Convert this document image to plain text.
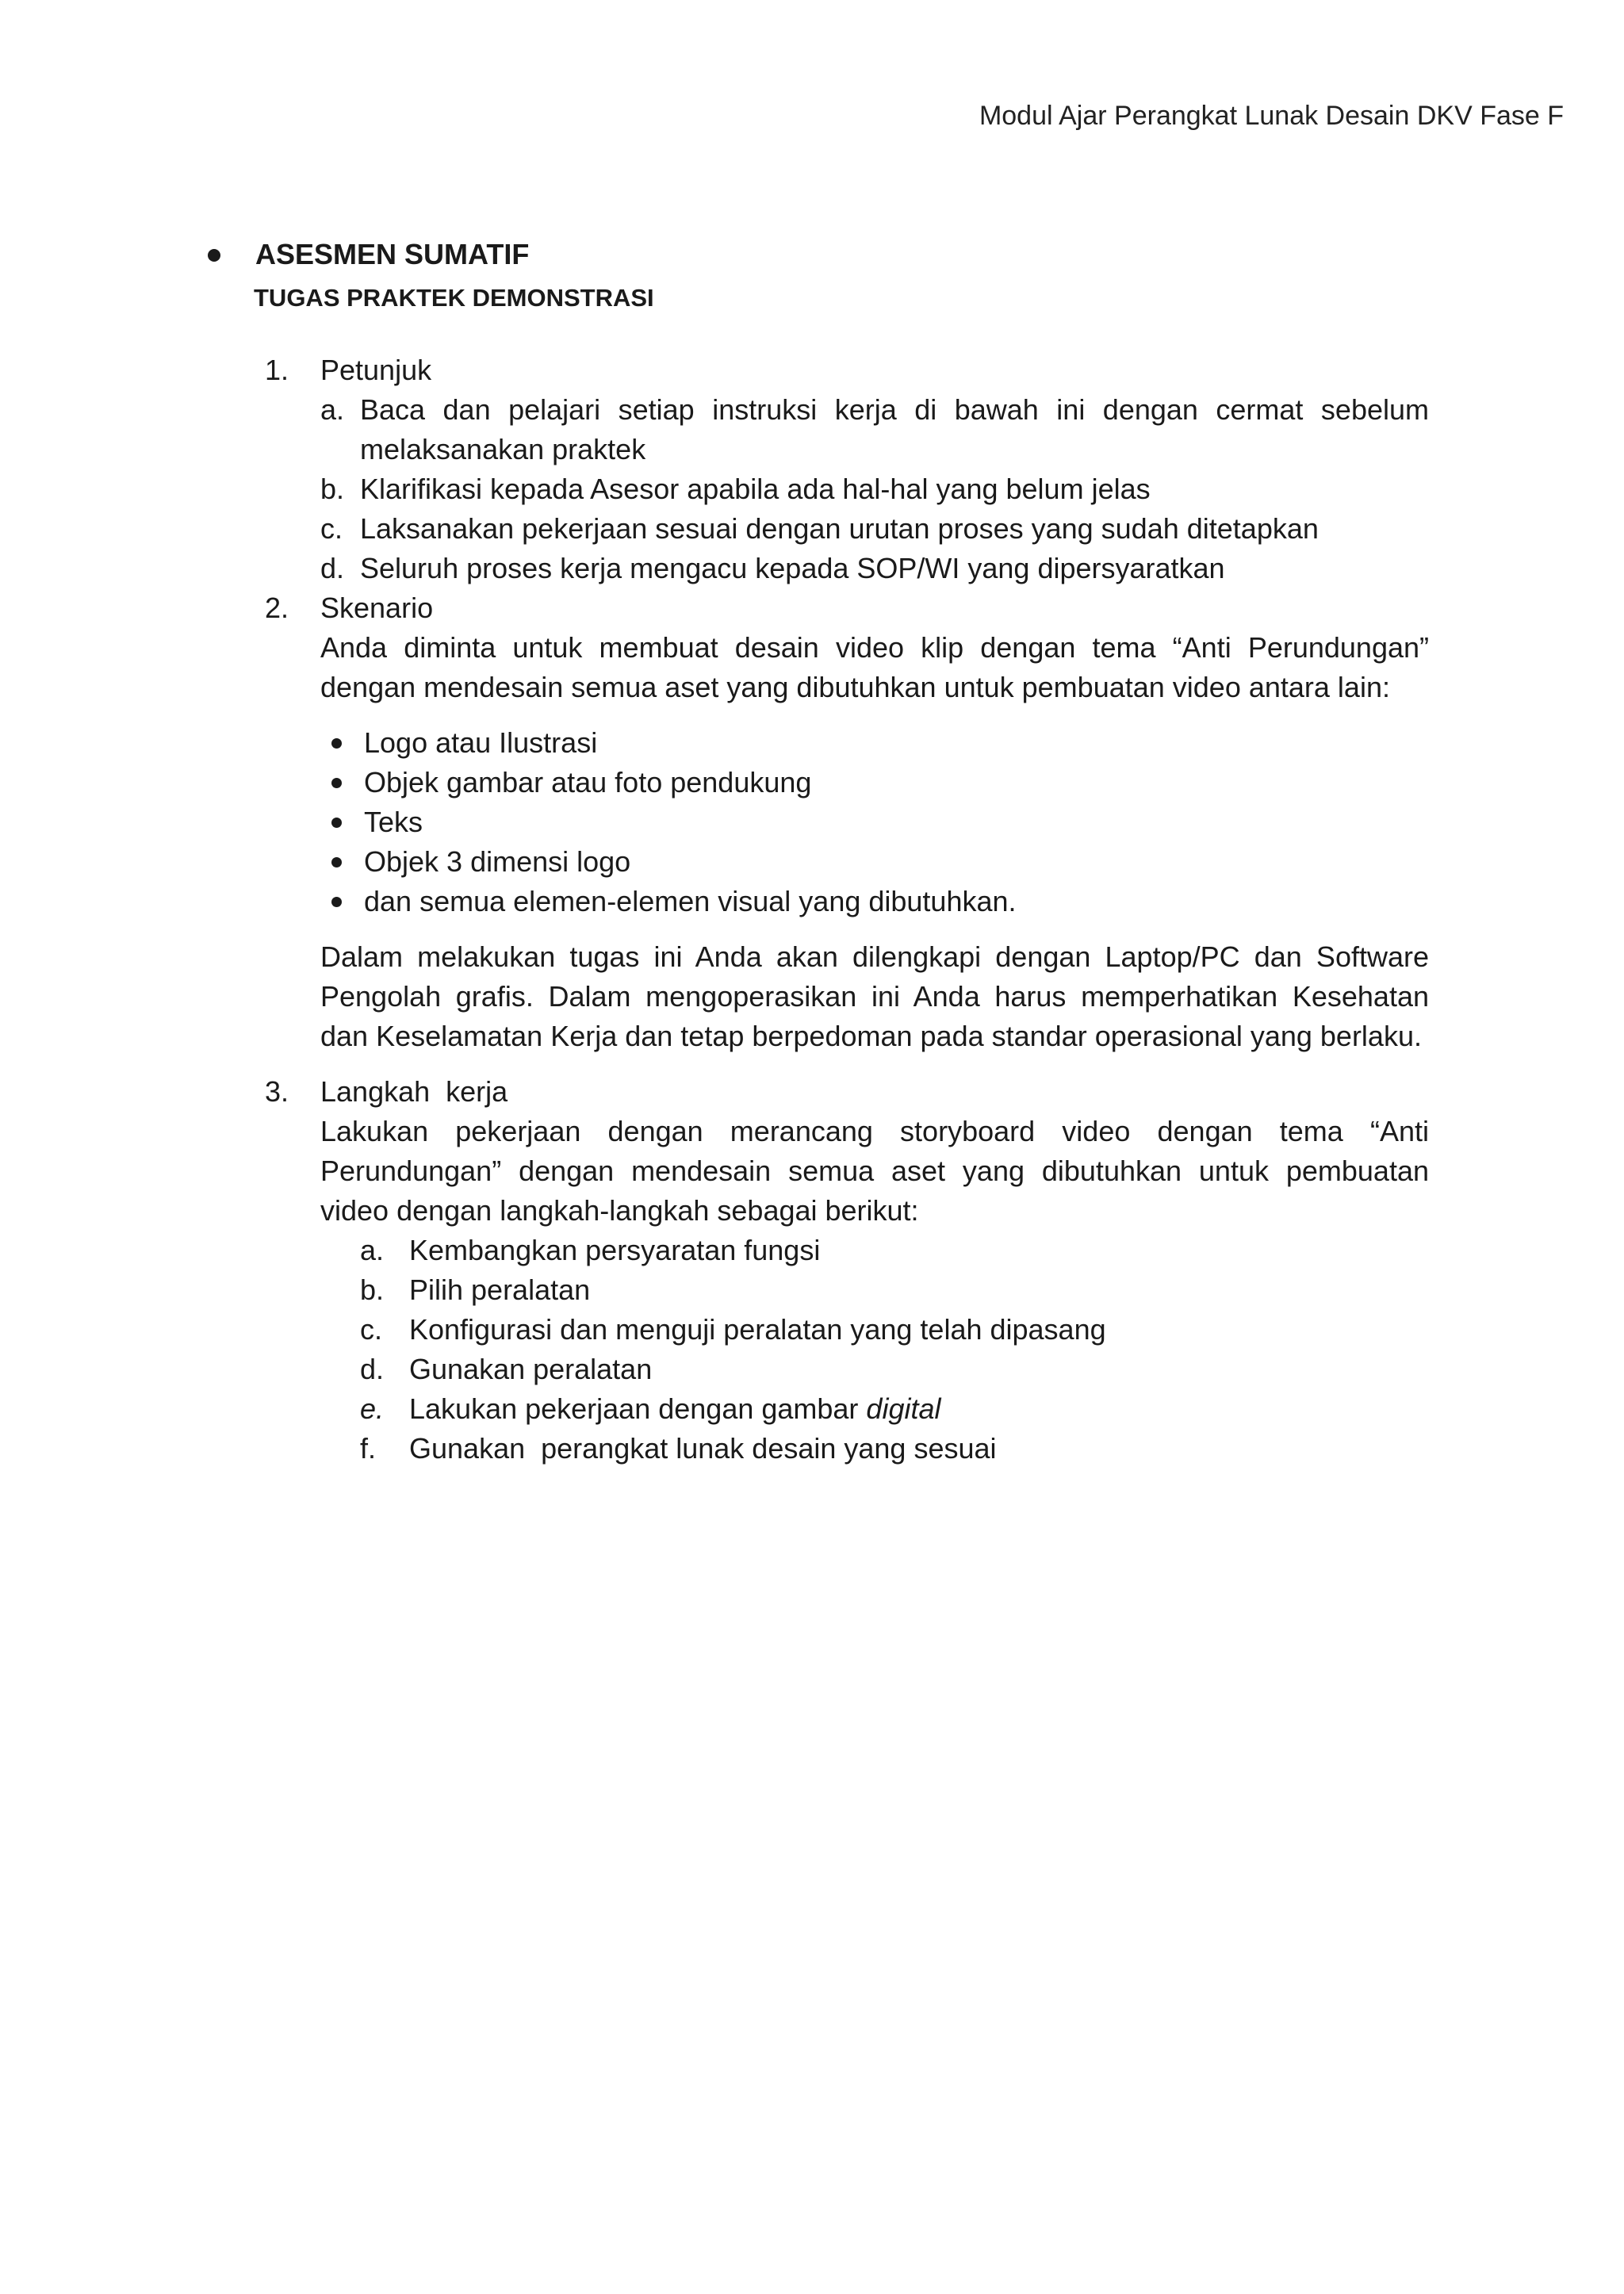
Modul Ajar Perangkat Lunak Desain DKV Fase F
ASESMEN SUMATIF
TUGAS PRAKTEK DEMONSTRASI
1.	Petunjuk
a. Baca dan pelajari setiap instruksi kerja di bawah ini dengan cermat sebelum melaksanakan praktek
b. Klarifikasi kepada Asesor apabila ada hal-hal yang belum jelas
c. Laksanakan pekerjaan sesuai dengan urutan proses yang sudah ditetapkan
d. Seluruh proses kerja mengacu kepada SOP/WI yang dipersyaratkan
2.	Skenario
Anda diminta untuk membuat desain video klip dengan tema “Anti Perundungan” dengan mendesain semua aset yang dibutuhkan untuk pembuatan video antara lain:
Logo atau Ilustrasi
Objek gambar atau foto pendukung
Teks
Objek 3 dimensi logo
dan semua elemen-elemen visual yang dibutuhkan.
Dalam melakukan tugas ini Anda akan dilengkapi dengan Laptop/PC dan Software Pengolah grafis. Dalam mengoperasikan ini Anda harus memperhatikan Kesehatan dan Keselamatan Kerja dan tetap berpedoman pada standar operasional yang berlaku.
3.	Langkah  kerja
Lakukan pekerjaan dengan merancang storyboard video dengan tema “Anti Perundungan” dengan mendesain semua aset yang dibutuhkan untuk pembuatan video dengan langkah-langkah sebagai berikut:
a. Kembangkan persyaratan fungsi
b. Pilih peralatan
c. Konfigurasi dan menguji peralatan yang telah dipasang
d. Gunakan peralatan
e. Lakukan pekerjaan dengan gambar digital
f.	Gunakan  perangkat lunak desain yang sesuai
24
